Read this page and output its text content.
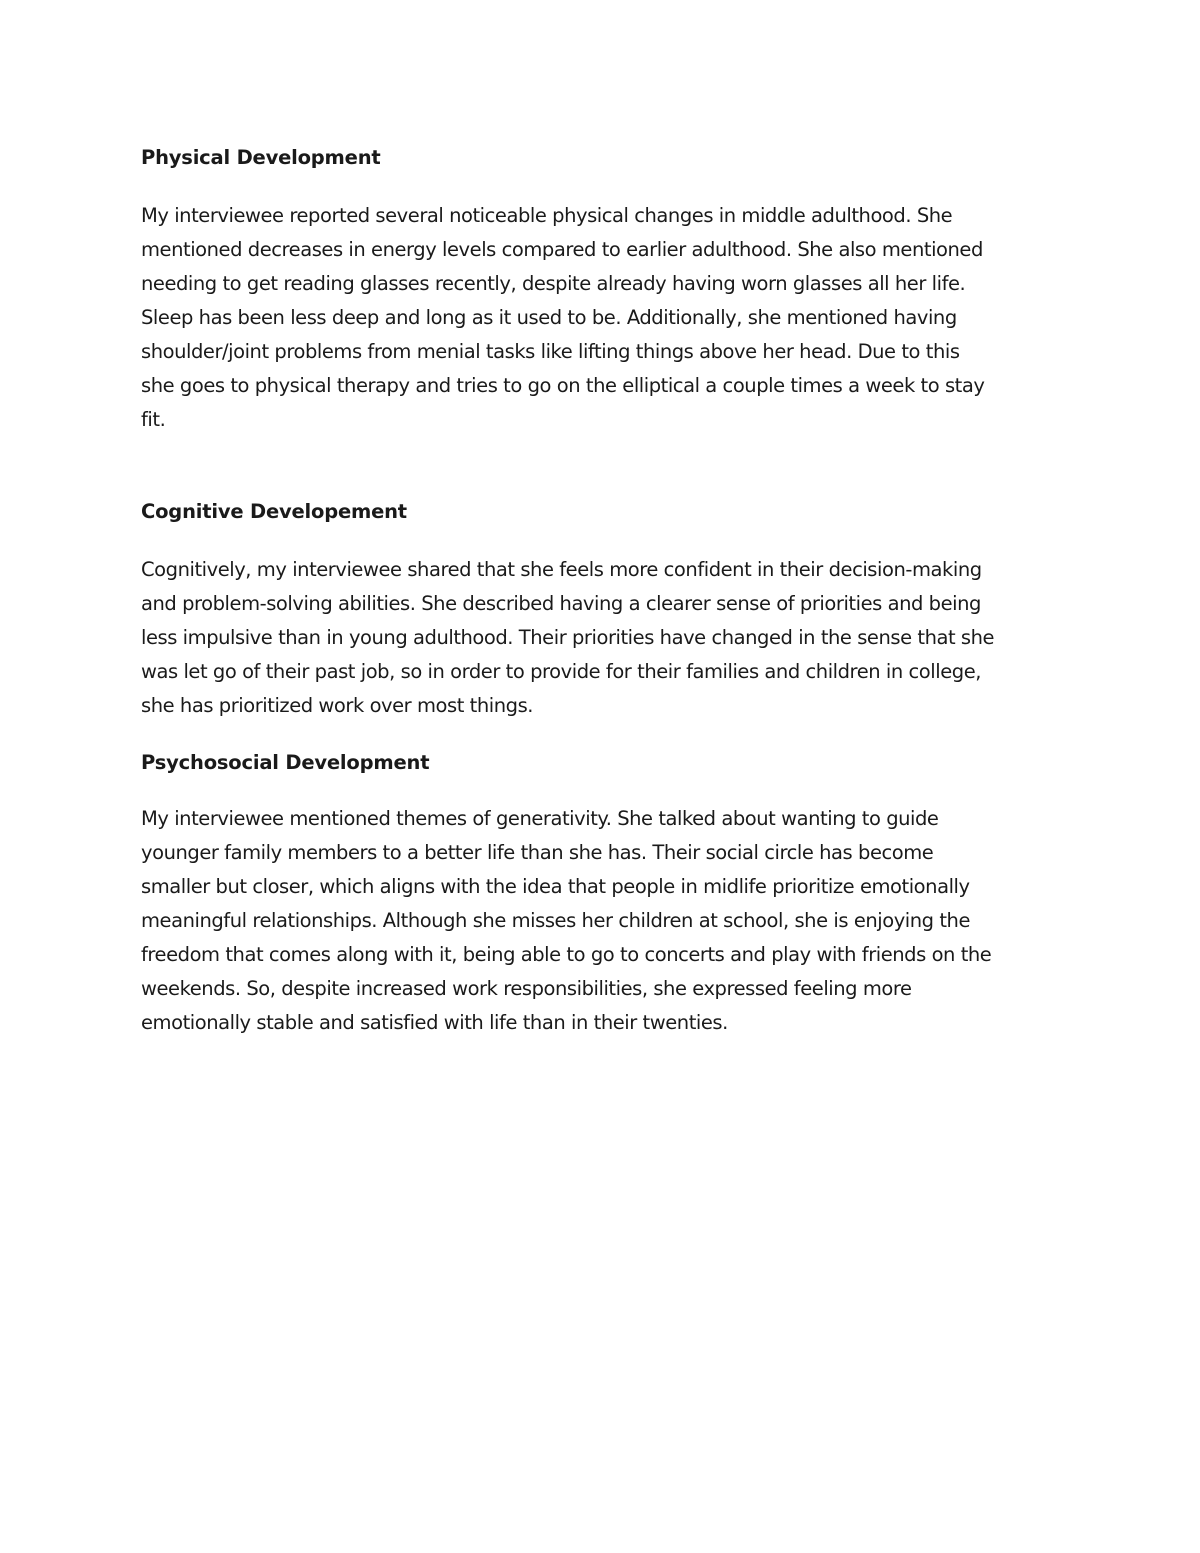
Physical Development

My interviewee reported several noticeable physical changes in middle adulthood. She
mentioned decreases in energy levels compared to earlier adulthood. She also mentioned
needing to get reading glasses recently, despite already having worn glasses all her life.
Sleep has been less deep and long as it used to be. Additionally, she mentioned having
shoulder/joint problems from menial tasks like lifting things above her head. Due to this
she goes to physical therapy and tries to go on the elliptical a couple times a week to stay
fit.

Cognitive Developement

Cognitively, my interviewee shared that she feels more confident in their decision-making
and problem-solving abilities. She described having a clearer sense of priorities and being
less impulsive than in young adulthood. Their priorities have changed in the sense that she
was let go of their past job, so in order to provide for their families and children in college,
she has prioritized work over most things.

Psychosocial Development

My interviewee mentioned themes of generativity. She talked about wanting to guide
younger family members to a better life than she has. Their social circle has become
smaller but closer, which aligns with the idea that people in midlife prioritize emotionally
meaningful relationships. Although she misses her children at school, she is enjoying the
freedom that comes along with it, being able to go to concerts and play with friends on the
weekends. So, despite increased work responsibilities, she expressed feeling more
emotionally stable and satisfied with life than in their twenties.
